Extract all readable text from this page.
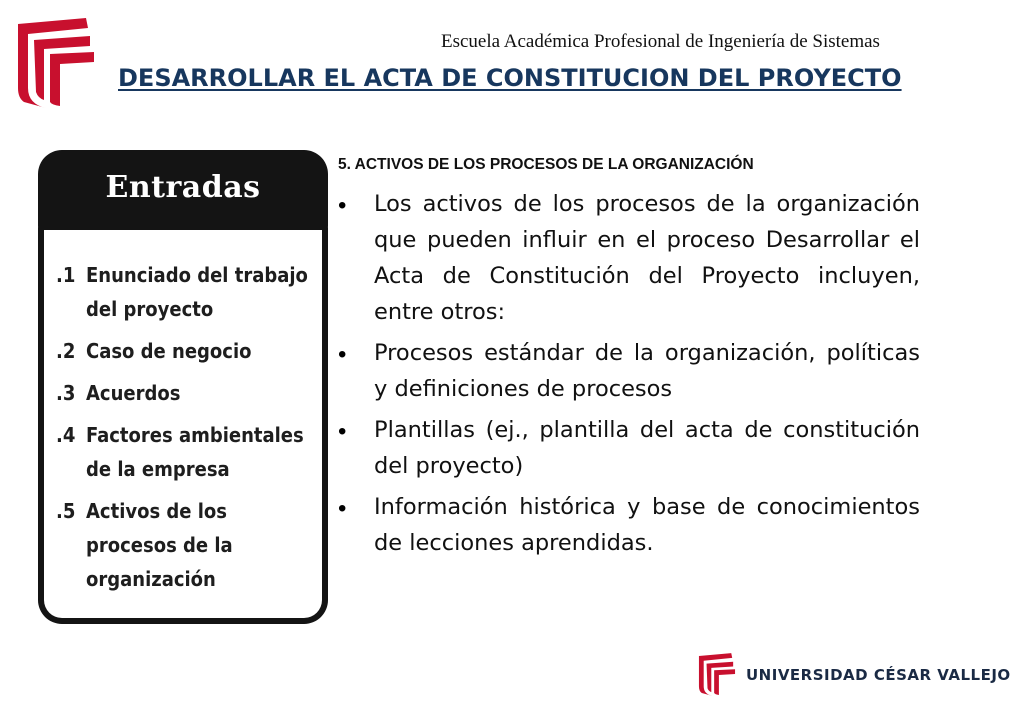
Escuela Académica Profesional de Ingeniería de Sistemas
DESARROLLAR EL ACTA DE CONSTITUCION DEL PROYECTO
Entradas
.1 Enunciado del trabajo del proyecto
.2 Caso de negocio
.3 Acuerdos
.4 Factores ambientales de la empresa
.5 Activos de los procesos de la organización
5. ACTIVOS DE LOS PROCESOS DE LA ORGANIZACIÓN
•	Los activos de los procesos de la organización que pueden influir en el proceso Desarrollar el Acta de Constitución del Proyecto incluyen, entre otros:
•	Procesos estándar de la organización, políticas y definiciones de procesos
•	Plantillas (ej., plantilla del acta de constitución del proyecto)
•	Información histórica y base de conocimientos de lecciones aprendidas.
UNIVERSIDAD CÉSAR VALLEJO
